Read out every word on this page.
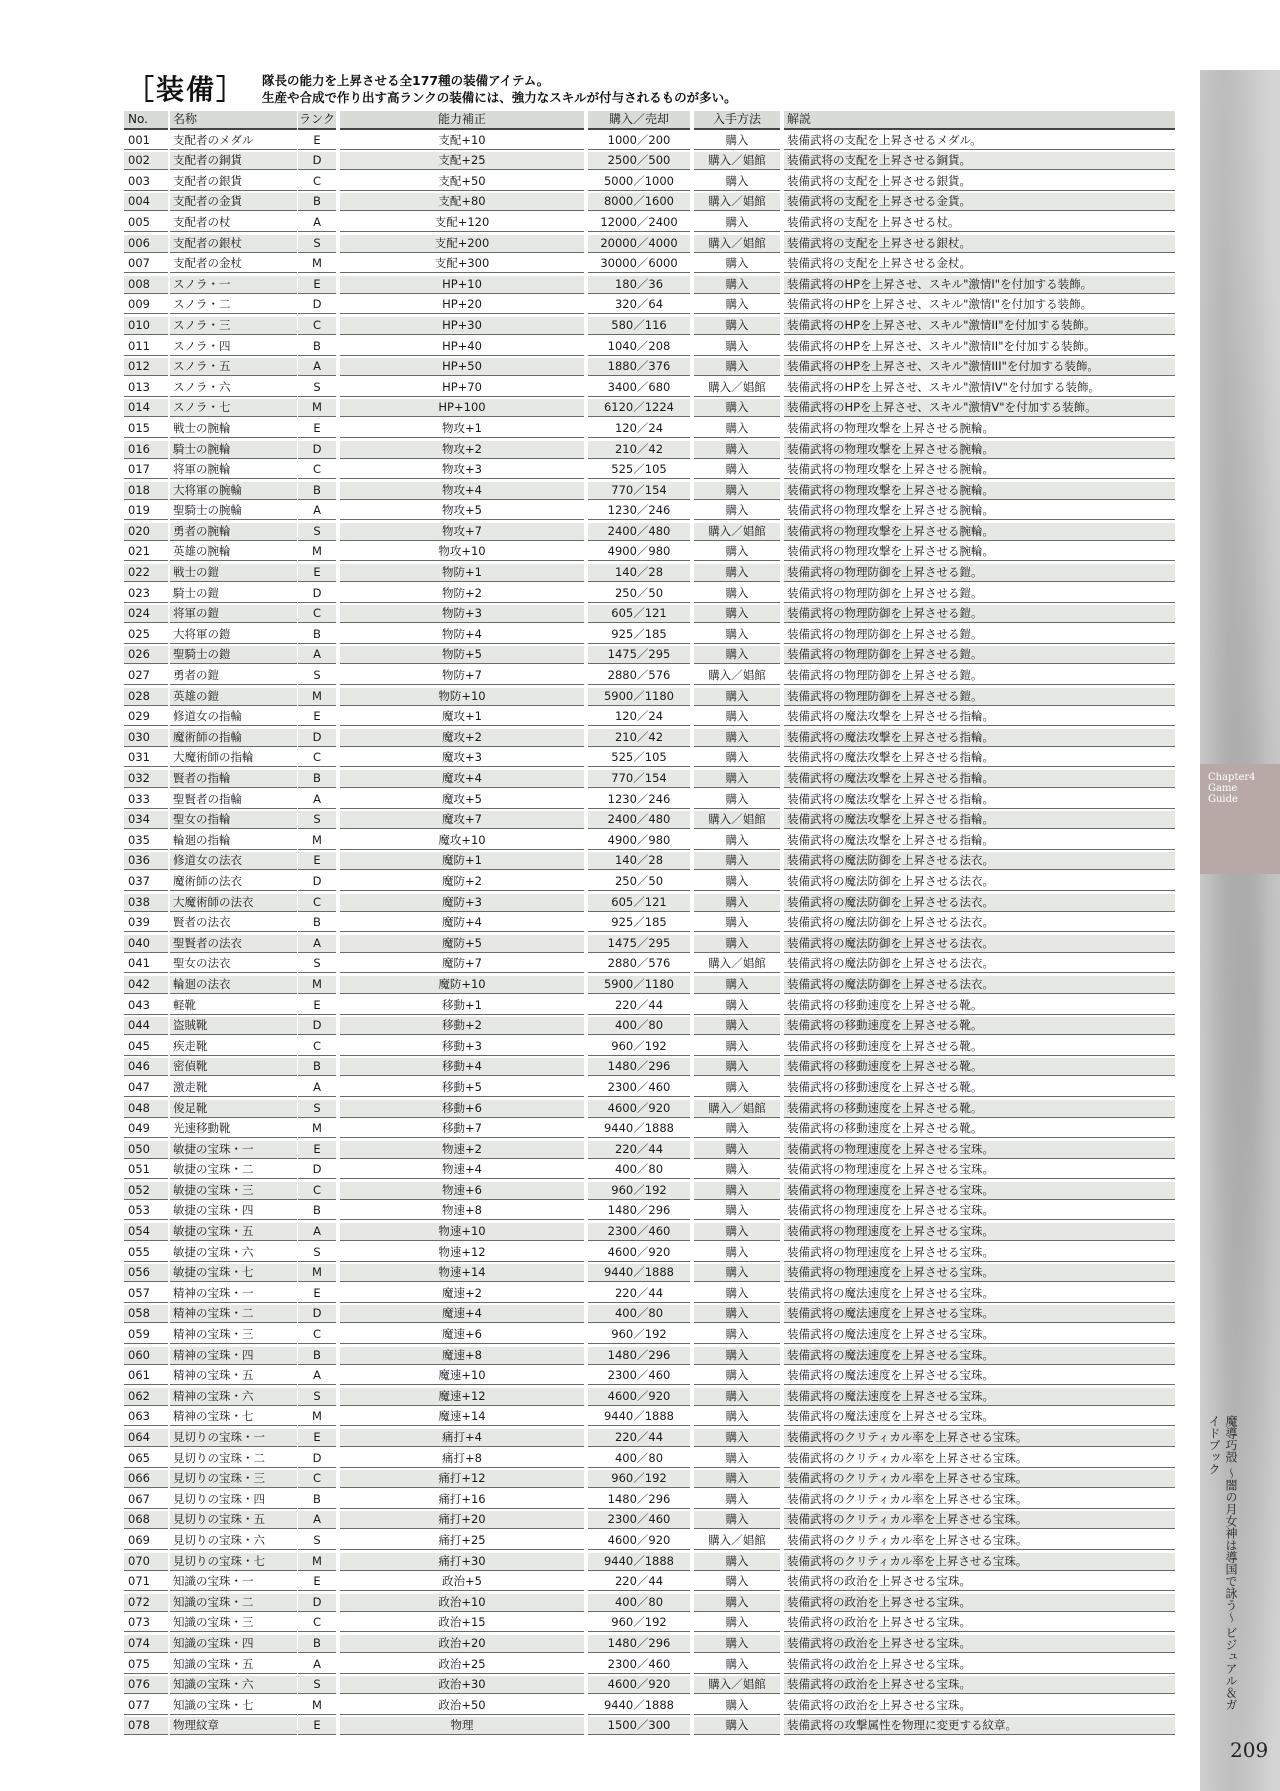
Chapter4
Game
Guide
魔導巧殻 〜闇の月女神は導国で詠う〜 ビジュアル＆ガイドブック
209
［装備］ 隊長の能力を上昇させる全177種の装備アイテム。
生産や合成で作り出す高ランクの装備には、強力なスキルが付与されるものが多い。
No.	名称	ランク	能力補正	購入／売却	入手方法	解説
001	支配者のメダル	E	支配+10	1000／200	購入	装備武将の支配を上昇させるメダル。
002	支配者の銅貨	D	支配+25	2500／500	購入／娼館	装備武将の支配を上昇させる銅貨。
003	支配者の銀貨	C	支配+50	5000／1000	購入	装備武将の支配を上昇させる銀貨。
004	支配者の金貨	B	支配+80	8000／1600	購入／娼館	装備武将の支配を上昇させる金貨。
005	支配者の杖	A	支配+120	12000／2400	購入	装備武将の支配を上昇させる杖。
006	支配者の銀杖	S	支配+200	20000／4000	購入／娼館	装備武将の支配を上昇させる銀杖。
007	支配者の金杖	M	支配+300	30000／6000	購入	装備武将の支配を上昇させる金杖。
008	スノラ・一	E	HP+10	180／36	購入	装備武将のHPを上昇させ、スキル"激情I"を付加する装飾。
009	スノラ・二	D	HP+20	320／64	購入	装備武将のHPを上昇させ、スキル"激情I"を付加する装飾。
010	スノラ・三	C	HP+30	580／116	購入	装備武将のHPを上昇させ、スキル"激情II"を付加する装飾。
011	スノラ・四	B	HP+40	1040／208	購入	装備武将のHPを上昇させ、スキル"激情II"を付加する装飾。
012	スノラ・五	A	HP+50	1880／376	購入	装備武将のHPを上昇させ、スキル"激情III"を付加する装飾。
013	スノラ・六	S	HP+70	3400／680	購入／娼館	装備武将のHPを上昇させ、スキル"激情IV"を付加する装飾。
014	スノラ・七	M	HP+100	6120／1224	購入	装備武将のHPを上昇させ、スキル"激情V"を付加する装飾。
015	戦士の腕輪	E	物攻+1	120／24	購入	装備武将の物理攻撃を上昇させる腕輪。
016	騎士の腕輪	D	物攻+2	210／42	購入	装備武将の物理攻撃を上昇させる腕輪。
017	将軍の腕輪	C	物攻+3	525／105	購入	装備武将の物理攻撃を上昇させる腕輪。
018	大将軍の腕輪	B	物攻+4	770／154	購入	装備武将の物理攻撃を上昇させる腕輪。
019	聖騎士の腕輪	A	物攻+5	1230／246	購入	装備武将の物理攻撃を上昇させる腕輪。
020	勇者の腕輪	S	物攻+7	2400／480	購入／娼館	装備武将の物理攻撃を上昇させる腕輪。
021	英雄の腕輪	M	物攻+10	4900／980	購入	装備武将の物理攻撃を上昇させる腕輪。
022	戦士の鎧	E	物防+1	140／28	購入	装備武将の物理防御を上昇させる鎧。
023	騎士の鎧	D	物防+2	250／50	購入	装備武将の物理防御を上昇させる鎧。
024	将軍の鎧	C	物防+3	605／121	購入	装備武将の物理防御を上昇させる鎧。
025	大将軍の鎧	B	物防+4	925／185	購入	装備武将の物理防御を上昇させる鎧。
026	聖騎士の鎧	A	物防+5	1475／295	購入	装備武将の物理防御を上昇させる鎧。
027	勇者の鎧	S	物防+7	2880／576	購入／娼館	装備武将の物理防御を上昇させる鎧。
028	英雄の鎧	M	物防+10	5900／1180	購入	装備武将の物理防御を上昇させる鎧。
029	修道女の指輪	E	魔攻+1	120／24	購入	装備武将の魔法攻撃を上昇させる指輪。
030	魔術師の指輪	D	魔攻+2	210／42	購入	装備武将の魔法攻撃を上昇させる指輪。
031	大魔術師の指輪	C	魔攻+3	525／105	購入	装備武将の魔法攻撃を上昇させる指輪。
032	賢者の指輪	B	魔攻+4	770／154	購入	装備武将の魔法攻撃を上昇させる指輪。
033	聖賢者の指輪	A	魔攻+5	1230／246	購入	装備武将の魔法攻撃を上昇させる指輪。
034	聖女の指輪	S	魔攻+7	2400／480	購入／娼館	装備武将の魔法攻撃を上昇させる指輪。
035	輪廻の指輪	M	魔攻+10	4900／980	購入	装備武将の魔法攻撃を上昇させる指輪。
036	修道女の法衣	E	魔防+1	140／28	購入	装備武将の魔法防御を上昇させる法衣。
037	魔術師の法衣	D	魔防+2	250／50	購入	装備武将の魔法防御を上昇させる法衣。
038	大魔術師の法衣	C	魔防+3	605／121	購入	装備武将の魔法防御を上昇させる法衣。
039	賢者の法衣	B	魔防+4	925／185	購入	装備武将の魔法防御を上昇させる法衣。
040	聖賢者の法衣	A	魔防+5	1475／295	購入	装備武将の魔法防御を上昇させる法衣。
041	聖女の法衣	S	魔防+7	2880／576	購入／娼館	装備武将の魔法防御を上昇させる法衣。
042	輪廻の法衣	M	魔防+10	5900／1180	購入	装備武将の魔法防御を上昇させる法衣。
043	軽靴	E	移動+1	220／44	購入	装備武将の移動速度を上昇させる靴。
044	盗賊靴	D	移動+2	400／80	購入	装備武将の移動速度を上昇させる靴。
045	疾走靴	C	移動+3	960／192	購入	装備武将の移動速度を上昇させる靴。
046	密偵靴	B	移動+4	1480／296	購入	装備武将の移動速度を上昇させる靴。
047	激走靴	A	移動+5	2300／460	購入	装備武将の移動速度を上昇させる靴。
048	俊足靴	S	移動+6	4600／920	購入／娼館	装備武将の移動速度を上昇させる靴。
049	光速移動靴	M	移動+7	9440／1888	購入	装備武将の移動速度を上昇させる靴。
050	敏捷の宝珠・一	E	物速+2	220／44	購入	装備武将の物理速度を上昇させる宝珠。
051	敏捷の宝珠・二	D	物速+4	400／80	購入	装備武将の物理速度を上昇させる宝珠。
052	敏捷の宝珠・三	C	物速+6	960／192	購入	装備武将の物理速度を上昇させる宝珠。
053	敏捷の宝珠・四	B	物速+8	1480／296	購入	装備武将の物理速度を上昇させる宝珠。
054	敏捷の宝珠・五	A	物速+10	2300／460	購入	装備武将の物理速度を上昇させる宝珠。
055	敏捷の宝珠・六	S	物速+12	4600／920	購入	装備武将の物理速度を上昇させる宝珠。
056	敏捷の宝珠・七	M	物速+14	9440／1888	購入	装備武将の物理速度を上昇させる宝珠。
057	精神の宝珠・一	E	魔速+2	220／44	購入	装備武将の魔法速度を上昇させる宝珠。
058	精神の宝珠・二	D	魔速+4	400／80	購入	装備武将の魔法速度を上昇させる宝珠。
059	精神の宝珠・三	C	魔速+6	960／192	購入	装備武将の魔法速度を上昇させる宝珠。
060	精神の宝珠・四	B	魔速+8	1480／296	購入	装備武将の魔法速度を上昇させる宝珠。
061	精神の宝珠・五	A	魔速+10	2300／460	購入	装備武将の魔法速度を上昇させる宝珠。
062	精神の宝珠・六	S	魔速+12	4600／920	購入	装備武将の魔法速度を上昇させる宝珠。
063	精神の宝珠・七	M	魔速+14	9440／1888	購入	装備武将の魔法速度を上昇させる宝珠。
064	見切りの宝珠・一	E	痛打+4	220／44	購入	装備武将のクリティカル率を上昇させる宝珠。
065	見切りの宝珠・二	D	痛打+8	400／80	購入	装備武将のクリティカル率を上昇させる宝珠。
066	見切りの宝珠・三	C	痛打+12	960／192	購入	装備武将のクリティカル率を上昇させる宝珠。
067	見切りの宝珠・四	B	痛打+16	1480／296	購入	装備武将のクリティカル率を上昇させる宝珠。
068	見切りの宝珠・五	A	痛打+20	2300／460	購入	装備武将のクリティカル率を上昇させる宝珠。
069	見切りの宝珠・六	S	痛打+25	4600／920	購入／娼館	装備武将のクリティカル率を上昇させる宝珠。
070	見切りの宝珠・七	M	痛打+30	9440／1888	購入	装備武将のクリティカル率を上昇させる宝珠。
071	知識の宝珠・一	E	政治+5	220／44	購入	装備武将の政治を上昇させる宝珠。
072	知識の宝珠・二	D	政治+10	400／80	購入	装備武将の政治を上昇させる宝珠。
073	知識の宝珠・三	C	政治+15	960／192	購入	装備武将の政治を上昇させる宝珠。
074	知識の宝珠・四	B	政治+20	1480／296	購入	装備武将の政治を上昇させる宝珠。
075	知識の宝珠・五	A	政治+25	2300／460	購入	装備武将の政治を上昇させる宝珠。
076	知識の宝珠・六	S	政治+30	4600／920	購入／娼館	装備武将の政治を上昇させる宝珠。
077	知識の宝珠・七	M	政治+50	9440／1888	購入	装備武将の政治を上昇させる宝珠。
078	物理紋章	E	物理	1500／300	購入	装備武将の攻撃属性を物理に変更する紋章。
